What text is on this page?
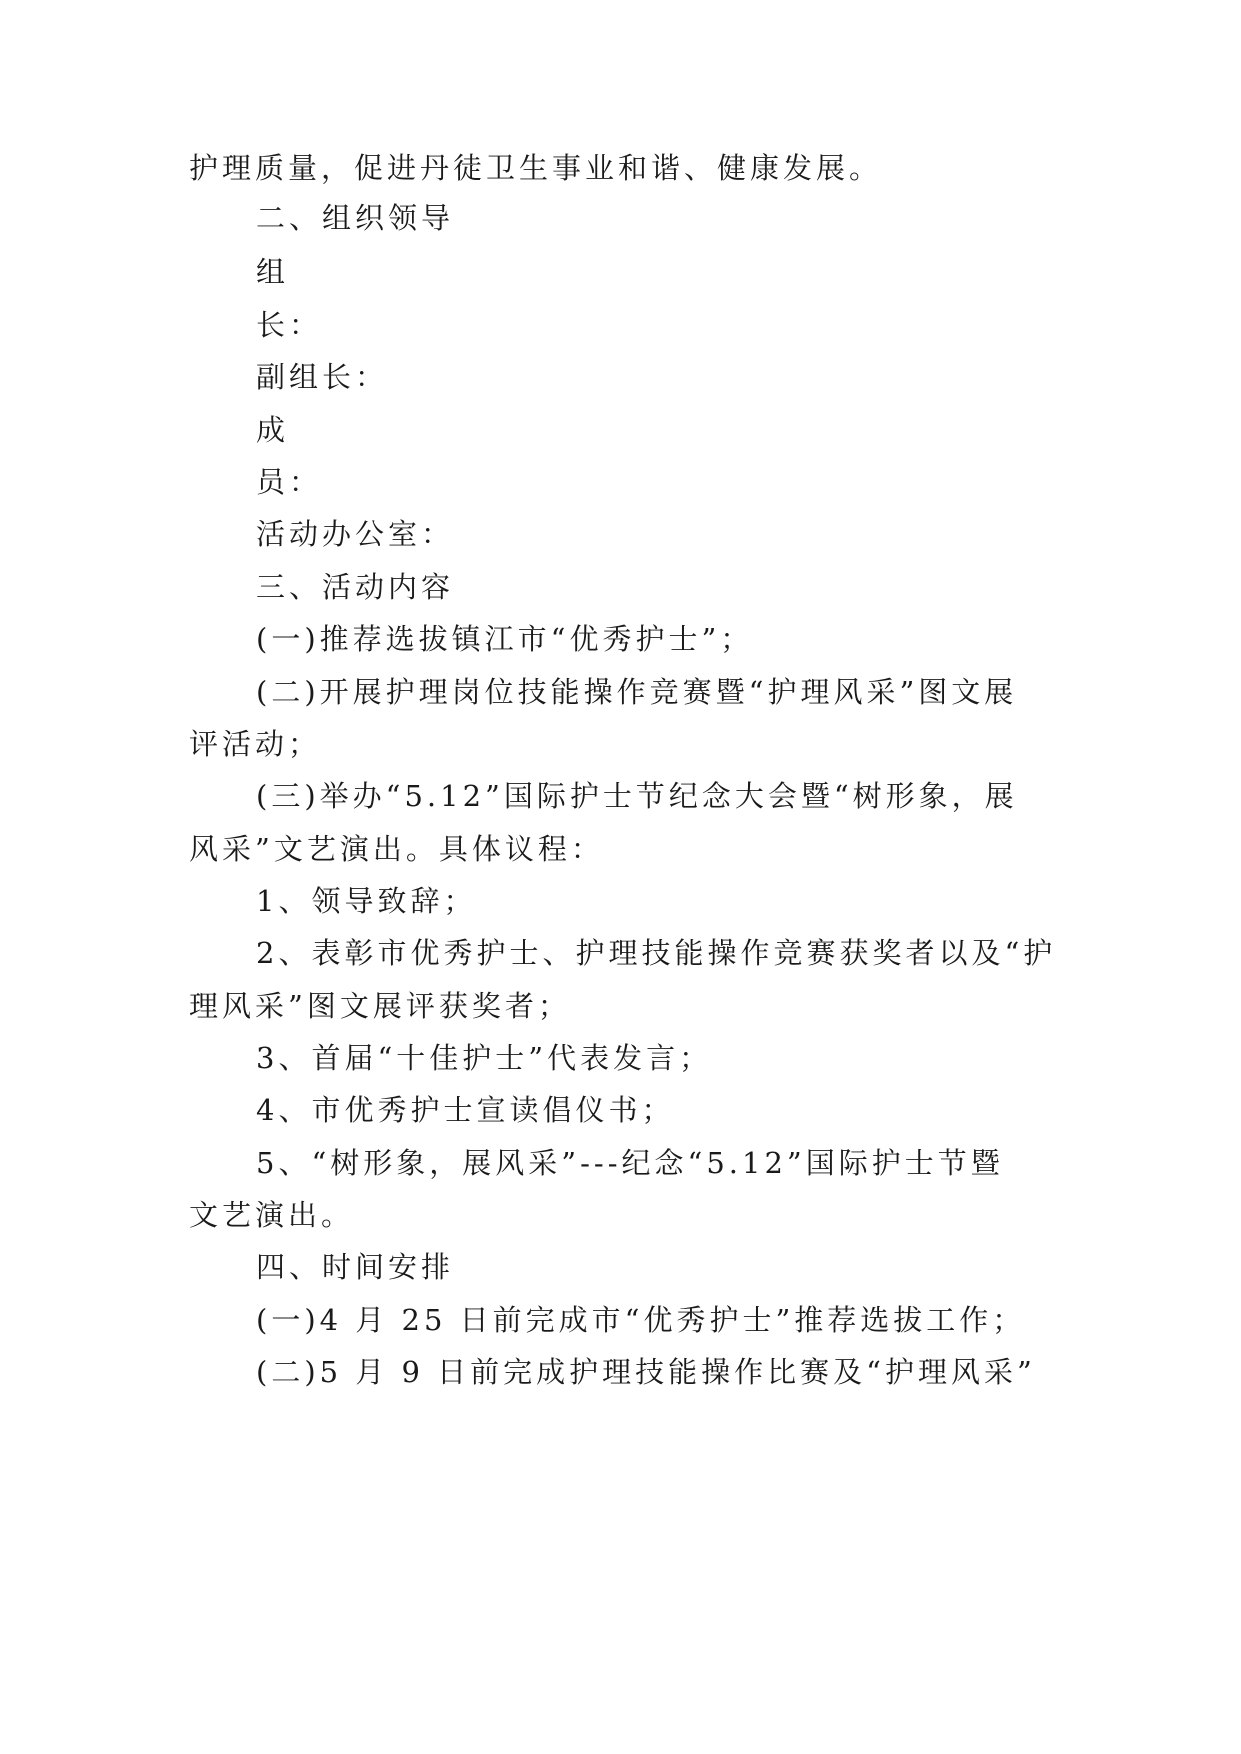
护理质量，促进丹徒卫生事业和谐、健康发展。
二、组织领导
组
长：
副组长：
成
员：
活动办公室：
三、活动内容
(一)推荐选拔镇江市“优秀护士”；
(二)开展护理岗位技能操作竞赛暨“护理风采”图文展
评活动；
(三)举办“5.12”国际护士节纪念大会暨“树形象，展
风采”文艺演出。具体议程：
1、领导致辞；
2、表彰市优秀护士、护理技能操作竞赛获奖者以及“护
理风采”图文展评获奖者；
3、首届“十佳护士”代表发言；
4、市优秀护士宣读倡仪书；
5、“树形象，展风采”---纪念“5.12”国际护士节暨
文艺演出。
四、时间安排
(一)4 月 25 日前完成市“优秀护士”推荐选拔工作；
(二)5 月 9 日前完成护理技能操作比赛及“护理风采”
